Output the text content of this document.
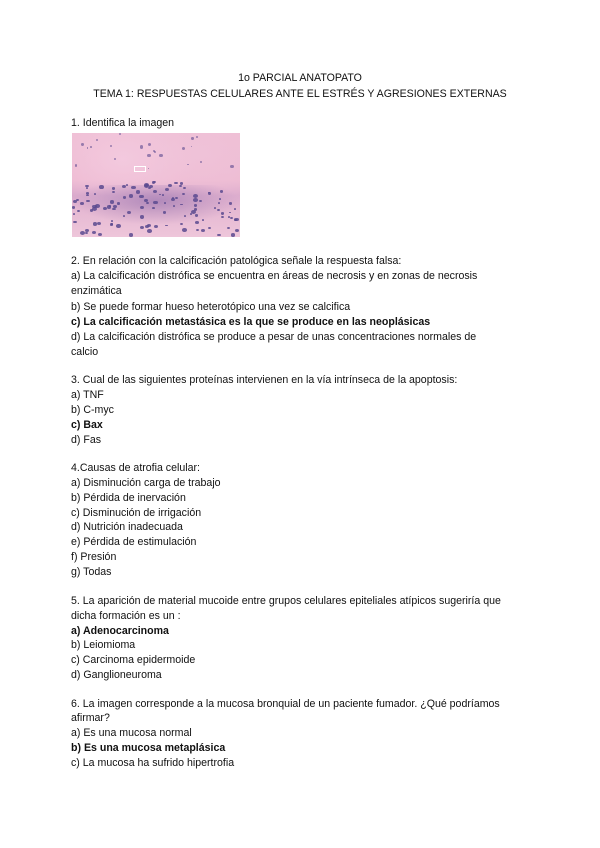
1o PARCIAL ANATOPATO
TEMA 1: RESPUESTAS CELULARES ANTE EL ESTRÉS Y AGRESIONES EXTERNAS
1. Identifica la imagen
2. En relación con la calcificación patológica señale la respuesta falsa:
a) La calcificación distrófica se encuentra en áreas de necrosis y en zonas de necrosis
enzimática
b) Se puede formar hueso heterotópico una vez se calcifica
c) La calcificación metastásica es la que se produce en las neoplásicas
d) La calcificación distrófica se produce a pesar de unas concentraciones normales de
calcio
3. Cual de las siguientes proteínas intervienen en la vía intrínseca de la apoptosis:
a) TNF
b) C-myc
c) Bax
d) Fas
4.Causas de atrofia celular:
a) Disminución carga de trabajo
b) Pérdida de inervación
c) Disminución de irrigación
d) Nutrición inadecuada
e) Pérdida de estimulación
f) Presión
g) Todas
5. La aparición de material mucoide entre grupos celulares epiteliales atípicos sugeriría que
dicha formación es un :
a) Adenocarcinoma
b) Leiomioma
c) Carcinoma epidermoide
d) Ganglioneuroma
6. La imagen corresponde a la mucosa bronquial de un paciente fumador. ¿Qué podríamos
afirmar?
a) Es una mucosa normal
b) Es una mucosa metaplásica
c) La mucosa ha sufrido hipertrofia
